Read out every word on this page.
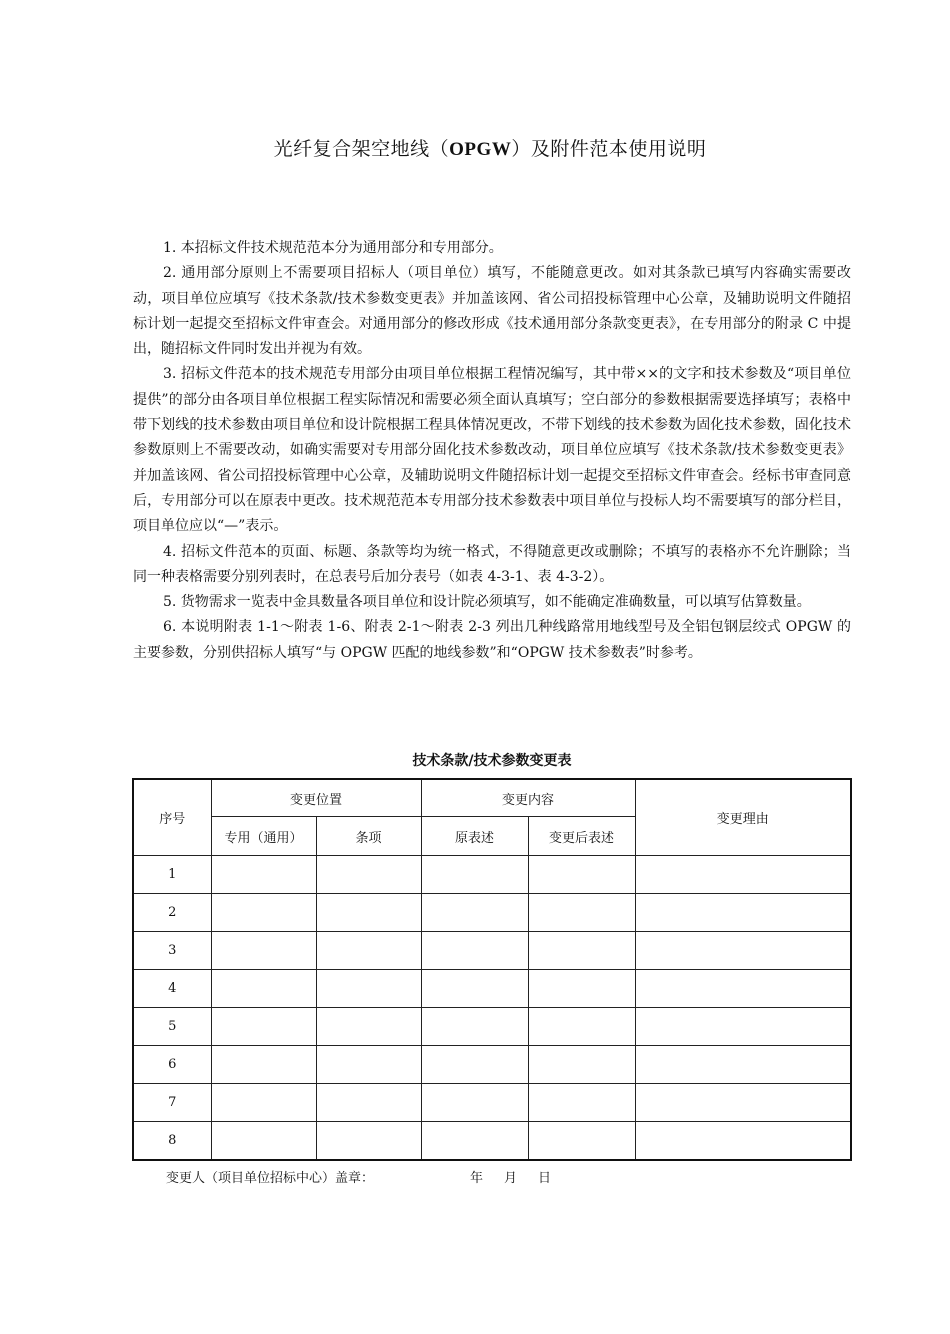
光纤复合架空地线（OPGW）及附件范本使用说明

1. 本招标文件技术规范范本分为通用部分和专用部分。

2. 通用部分原则上不需要项目招标人（项目单位）填写，不能随意更改。如对其条款已填写内容确实需要改动，项目单位应填写《技术条款/技术参数变更表》并加盖该网、省公司招投标管理中心公章，及辅助说明文件随招标计划一起提交至招标文件审查会。对通用部分的修改形成《技术通用部分条款变更表》，在专用部分的附录 C 中提出，随招标文件同时发出并视为有效。

3. 招标文件范本的技术规范专用部分由项目单位根据工程情况编写，其中带××的文字和技术参数及“项目单位提供”的部分由各项目单位根据工程实际情况和需要必须全面认真填写；空白部分的参数根据需要选择填写；表格中带下划线的技术参数由项目单位和设计院根据工程具体情况更改，不带下划线的技术参数为固化技术参数，固化技术参数原则上不需要改动，如确实需要对专用部分固化技术参数改动，项目单位应填写《技术条款/技术参数变更表》并加盖该网、省公司招投标管理中心公章，及辅助说明文件随招标计划一起提交至招标文件审查会。经标书审查同意后，专用部分可以在原表中更改。技术规范范本专用部分技术参数表中项目单位与投标人均不需要填写的部分栏目，项目单位应以“—”表示。

4. 招标文件范本的页面、标题、条款等均为统一格式，不得随意更改或删除；不填写的表格亦不允许删除；当同一种表格需要分别列表时，在总表号后加分表号（如表 4-3-1、表 4-3-2）。

5. 货物需求一览表中金具数量各项目单位和设计院必须填写，如不能确定准确数量，可以填写估算数量。

6. 本说明附表 1-1～附表 1-6、附表 2-1～附表 2-3 列出几种线路常用地线型号及全铝包钢层绞式 OPGW 的主要参数，分别供招标人填写“与 OPGW 匹配的地线参数”和“OPGW 技术参数表”时参考。

技术条款/技术参数变更表
序号	变更位置		变更内容		变更理由
	专用（通用）	条项	原表述	变更后表述	
1					
2					
3					
4					
5					
6					
7					
8					
变更人（项目单位招标中心）盖章：	年 月 日
